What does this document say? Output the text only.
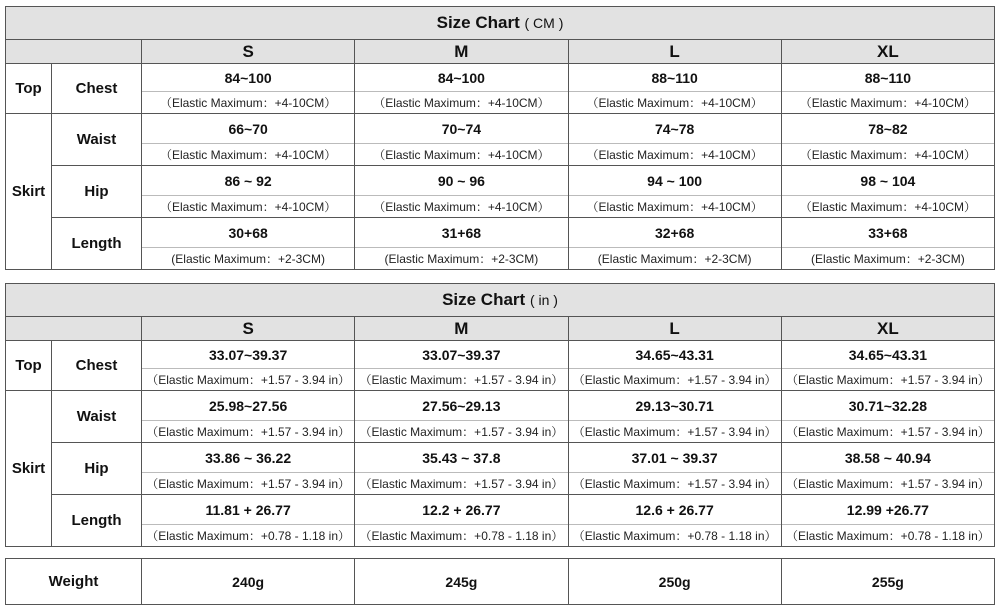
Size Chart ( CM )					
		S	M	L	XL
Top	Chest	84~100	84~100	88~110	88~110
		（Elastic Maximum：+4-10CM）	（Elastic Maximum：+4-10CM）	（Elastic Maximum：+4-10CM）	（Elastic Maximum：+4-10CM）
Skirt	Waist	66~70	70~74	74~78	78~82
		（Elastic Maximum：+4-10CM）	（Elastic Maximum：+4-10CM）	（Elastic Maximum：+4-10CM）	（Elastic Maximum：+4-10CM）
	Hip	86 ~ 92	90 ~ 96	94 ~ 100	98 ~ 104
		（Elastic Maximum：+4-10CM）	（Elastic Maximum：+4-10CM）	（Elastic Maximum：+4-10CM）	（Elastic Maximum：+4-10CM）
	Length	30+68	31+68	32+68	33+68
		(Elastic Maximum：+2-3CM)	(Elastic Maximum：+2-3CM)	(Elastic Maximum：+2-3CM)	(Elastic Maximum：+2-3CM)
Size Chart ( in )					
		S	M	L	XL
Top	Chest	33.07~39.37	33.07~39.37	34.65~43.31	34.65~43.31
		（Elastic Maximum：+1.57 - 3.94 in）	（Elastic Maximum：+1.57 - 3.94 in）	（Elastic Maximum：+1.57 - 3.94 in）	（Elastic Maximum：+1.57 - 3.94 in）
Skirt	Waist	25.98~27.56	27.56~29.13	29.13~30.71	30.71~32.28
		（Elastic Maximum：+1.57 - 3.94 in）	（Elastic Maximum：+1.57 - 3.94 in）	（Elastic Maximum：+1.57 - 3.94 in）	（Elastic Maximum：+1.57 - 3.94 in）
	Hip	33.86 ~ 36.22	35.43 ~ 37.8	37.01 ~ 39.37	38.58 ~ 40.94
		（Elastic Maximum：+1.57 - 3.94 in）	（Elastic Maximum：+1.57 - 3.94 in）	（Elastic Maximum：+1.57 - 3.94 in）	（Elastic Maximum：+1.57 - 3.94 in）
	Length	11.81 + 26.77	12.2 + 26.77	12.6 + 26.77	12.99 +26.77
		（Elastic Maximum：+0.78 - 1.18 in）	（Elastic Maximum：+0.78 - 1.18 in）	（Elastic Maximum：+0.78 - 1.18 in）	（Elastic Maximum：+0.78 - 1.18 in）
Weight	240g	245g	250g	255g
